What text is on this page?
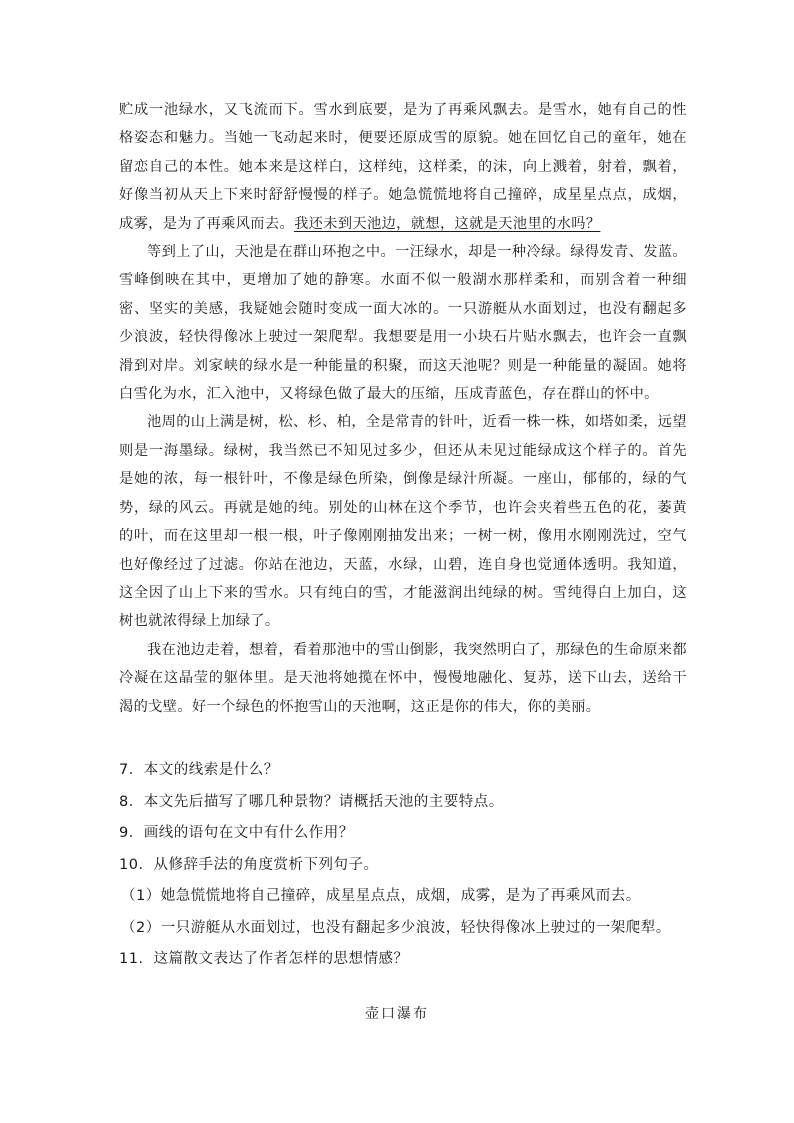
贮成一池绿水，又飞流而下。雪水到底要，是为了再乘风飘去。是雪水，她有自己的性格姿态和魅力。当她一飞动起来时，便要还原成雪的原貌。她在回忆自己的童年，她在留恋自己的本性。她本来是这样白，这样纯，这样柔，的沫，向上溅着，射着，飘着，好像当初从天上下来时舒舒慢慢的样子。她急慌慌地将自己撞碎，成星星点点，成烟，成雾，是为了再乘风而去。我还未到天池边，就想，这就是天池里的水吗？

等到上了山，天池是在群山环抱之中。一汪绿水，却是一种冷绿。绿得发青、发蓝。雪峰倒映在其中，更增加了她的静寒。水面不似一般湖水那样柔和，而别含着一种细密、坚实的美感，我疑她会随时变成一面大冰的。一只游艇从水面划过，也没有翻起多少浪波，轻快得像冰上驶过一架爬犁。我想要是用一小块石片贴水飘去，也许会一直飘滑到对岸。刘家峡的绿水是一种能量的积聚，而这天池呢？则是一种能量的凝固。她将白雪化为水，汇入池中，又将绿色做了最大的压缩，压成青蓝色，存在群山的怀中。

池周的山上满是树，松、杉、柏，全是常青的针叶，近看一株一株，如塔如柔，远望则是一海墨绿。绿树，我当然已不知见过多少，但还从未见过能绿成这个样子的。首先是她的浓，每一根针叶，不像是绿色所染，倒像是绿汁所凝。一座山，郁郁的，绿的气势，绿的风云。再就是她的纯。别处的山林在这个季节，也许会夹着些五色的花，萎黄的叶，而在这里却一根一根，叶子像刚刚抽发出来；一树一树，像用水刚刚洗过，空气也好像经过了过滤。你站在池边，天蓝，水绿，山碧，连自身也觉通体透明。我知道，这全因了山上下来的雪水。只有纯白的雪，才能滋润出纯绿的树。雪纯得白上加白，这树也就浓得绿上加绿了。

我在池边走着，想着，看着那池中的雪山倒影，我突然明白了，那绿色的生命原来都冷凝在这晶莹的躯体里。是天池将她揽在怀中，慢慢地融化、复苏，送下山去，送给干渴的戈壁。好一个绿色的怀抱雪山的天池啊，这正是你的伟大，你的美丽。

7．本文的线索是什么？

8．本文先后描写了哪几种景物？请概括天池的主要特点。

9．画线的语句在文中有什么作用？

10．从修辞手法的角度赏析下列句子。

（1）她急慌慌地将自己撞碎，成星星点点，成烟，成雾，是为了再乘风而去。

（2）一只游艇从水面划过，也没有翻起多少浪波，轻快得像冰上驶过的一架爬犁。

11．这篇散文表达了作者怎样的思想情感？

壶口瀑布
